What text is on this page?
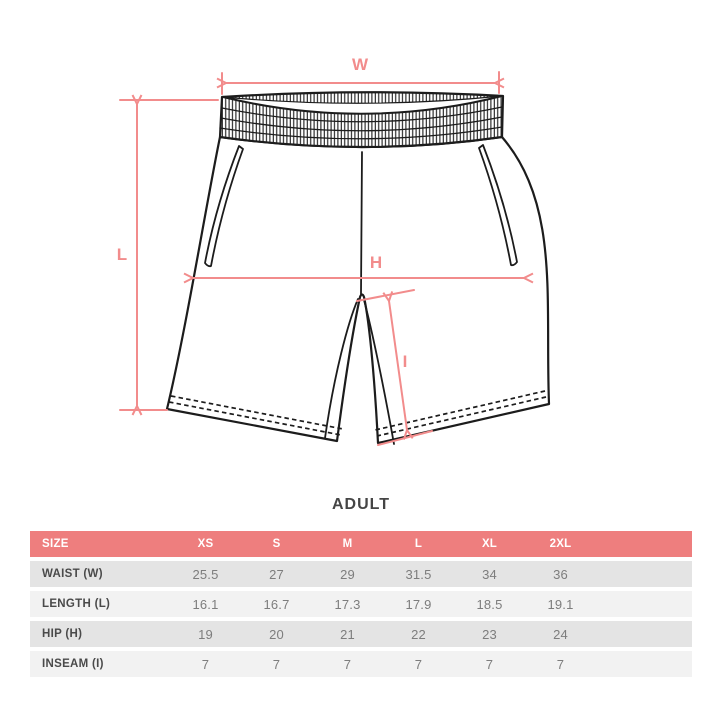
W
L	H
I
ADULT
SIZE	XS	S	M	L	XL	2XL
WAIST (W)	25.5	27	29	31.5	34	36
LENGTH (L)	16.1	16.7	17.3	17.9	18.5	19.1
HIP (H)	19	20	21	22	23	24
INSEAM (I)	7	7	7	7	7	7
